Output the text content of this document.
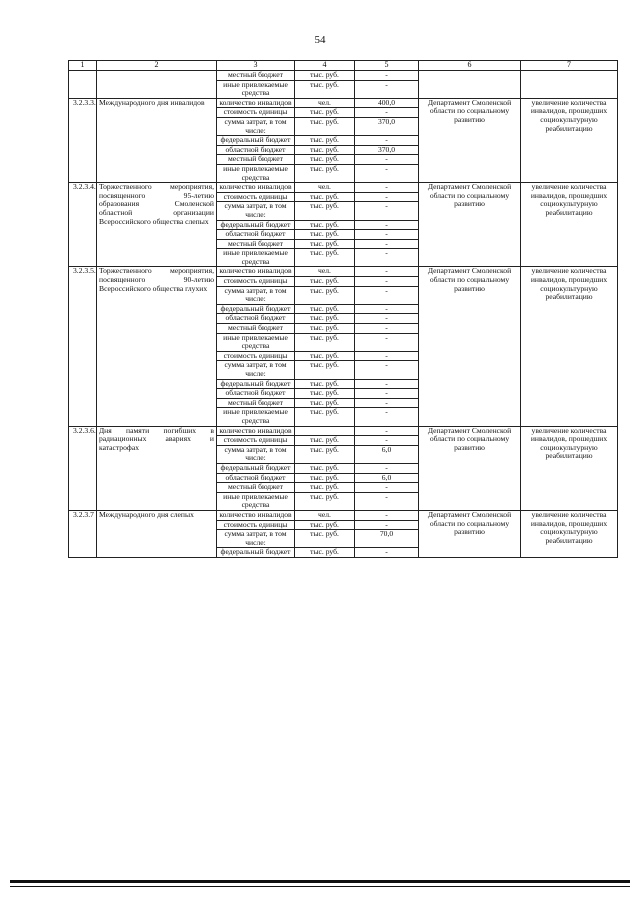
54
1	2	3	4	5	6	7
		местный бюджет	тыс. руб.	-		
		иные привлекаемые средства	тыс. руб.	-		
3.2.3.3.	Международного дня инвалидов	количество инвалидов	чел.	400,0	Департамент Смоленской области по социальному развитию	увеличение количества инвалидов, прошедших социокультурную реабилитацию
		стоимость единицы	тыс. руб.	-		
		сумма затрат, в том числе:	тыс. руб.	370,0		
		федеральный бюджет	тыс. руб.	-		
		областной бюджет	тыс. руб.	370,0		
		местный бюджет	тыс. руб.	-		
		иные привлекаемые средства	тыс. руб.	-		
3.2.3.4.	Торжественного мероприятия, посвященного 95-летию образования Смоленской областной организации Всероссийского общества слепых	количество инвалидов	чел.	-	Департамент Смоленской области по социальному развитию	увеличение количества инвалидов, прошедших социокультурную реабилитацию
		стоимость единицы	тыс. руб.	-		
		сумма затрат, в том числе:	тыс. руб.	-		
		федеральный бюджет	тыс. руб.	-		
		областной бюджет	тыс. руб.	-		
		местный бюджет	тыс. руб.	-		
		иные привлекаемые средства	тыс. руб.	-		
3.2.3.5.	Торжественного мероприятия, посвященного 90-летию Всероссийского общества глухих	количество инвалидов	чел.	-	Департамент Смоленской области по социальному развитию	увеличение количества инвалидов, прошедших социокультурную реабилитацию
		стоимость единицы	тыс. руб.	-		
		сумма затрат, в том числе:	тыс. руб.	-		
		федеральный бюджет	тыс. руб.	-		
		областной бюджет	тыс. руб.	-		
		местный бюджет	тыс. руб.	-		
		иные привлекаемые средства	тыс. руб.	-		
		стоимость единицы	тыс. руб.	-		
		сумма затрат, в том числе:	тыс. руб.	-		
		федеральный бюджет	тыс. руб.	-		
		областной бюджет	тыс. руб.	-		
		местный бюджет	тыс. руб.	-		
		иные привлекаемые средства	тыс. руб.	-		
3.2.3.6.	Дня памяти погибших в радиационных авариях и катастрофах	количество инвалидов		-	Департамент Смоленской области по социальному развитию	увеличение количества инвалидов, прошедших социокультурную реабилитацию
		стоимость единицы	тыс. руб.	-		
		сумма затрат, в том числе:	тыс. руб.	6,0		
		федеральный бюджет	тыс. руб.	-		
		областной бюджет	тыс. руб.	6,0		
		местный бюджет	тыс. руб.	-		
		иные привлекаемые средства	тыс. руб.	-		
3.2.3.7	Международного дня слепых	количество инвалидов	чел.	-	Департамент Смоленской области по социальному развитию	увеличение количества инвалидов, прошедших социокультурную реабилитацию
		стоимость единицы	тыс. руб.	-		
		сумма затрат, в том числе:	тыс. руб.	70,0		
		федеральный бюджет	тыс. руб.	-		
